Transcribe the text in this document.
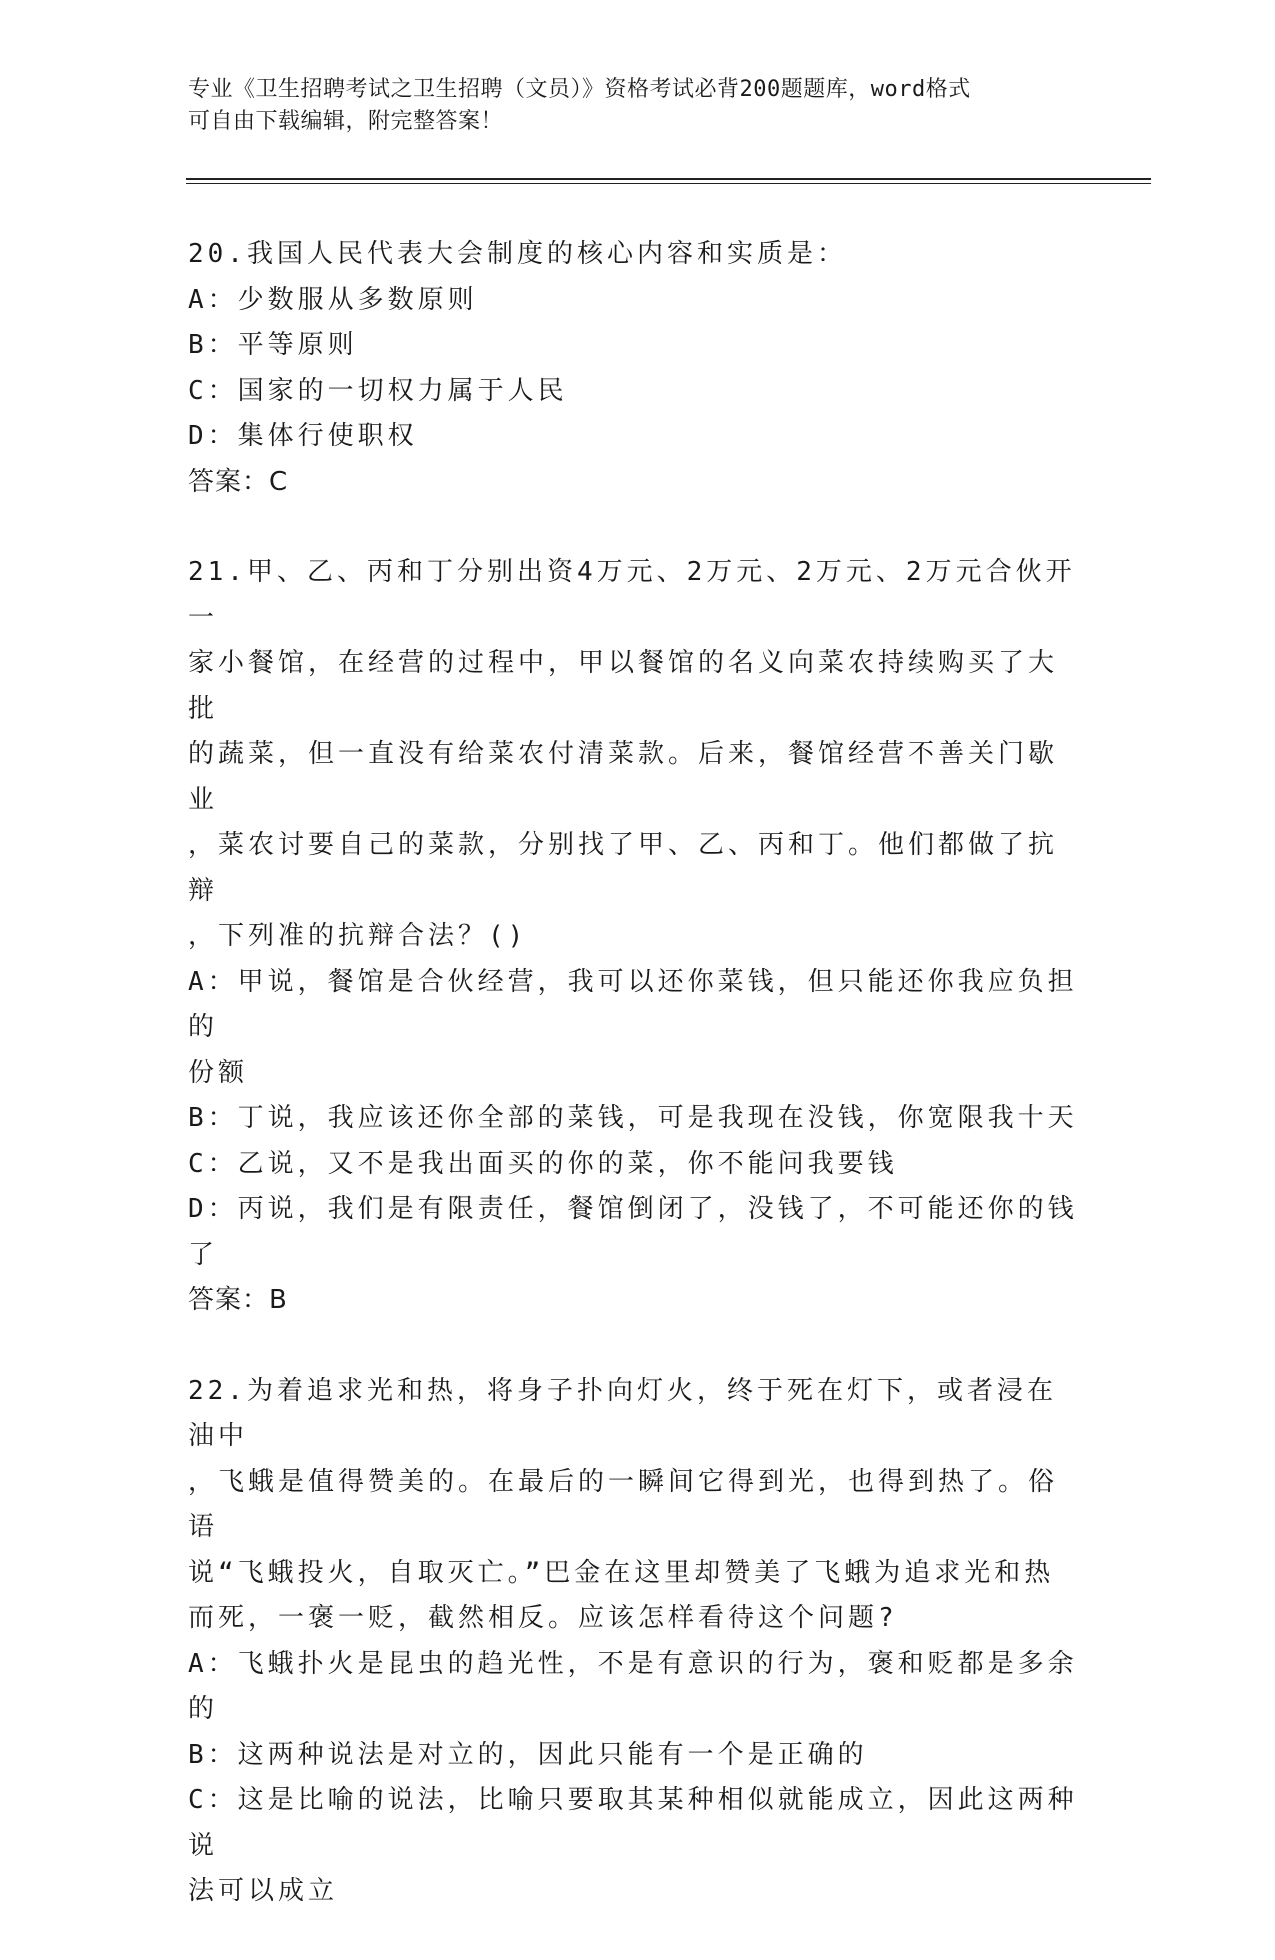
专业《卫生招聘考试之卫生招聘（文员）》资格考试必背200题题库，word格式
可自由下载编辑，附完整答案！

20.我国人民代表大会制度的核心内容和实质是：

A：少数服从多数原则

B：平等原则

C：国家的一切权力属于人民

D：集体行使职权

答案：C

21.甲、乙、丙和丁分别出资4万元、2万元、2万元、2万元合伙开一

家小餐馆，在经营的过程中，甲以餐馆的名义向菜农持续购买了大批

的蔬菜，但一直没有给菜农付清菜款。后来，餐馆经营不善关门歇业

，菜农讨要自己的菜款，分别找了甲、乙、丙和丁。他们都做了抗辩

，下列准的抗辩合法？()

A：甲说，餐馆是合伙经营，我可以还你菜钱，但只能还你我应负担的

份额

B：丁说，我应该还你全部的菜钱，可是我现在没钱，你宽限我十天

C：乙说，又不是我出面买的你的菜，你不能问我要钱

D：丙说，我们是有限责任，餐馆倒闭了，没钱了，不可能还你的钱了

答案：B

22.为着追求光和热，将身子扑向灯火，终于死在灯下，或者浸在油中

，飞蛾是值得赞美的。在最后的一瞬间它得到光，也得到热了。俗语

说“飞蛾投火，自取灭亡。”巴金在这里却赞美了飞蛾为追求光和热

而死，一褒一贬，截然相反。应该怎样看待这个问题?

A：飞蛾扑火是昆虫的趋光性，不是有意识的行为，褒和贬都是多余的

B：这两种说法是对立的，因此只能有一个是正确的

C：这是比喻的说法，比喻只要取其某种相似就能成立，因此这两种说

法可以成立
